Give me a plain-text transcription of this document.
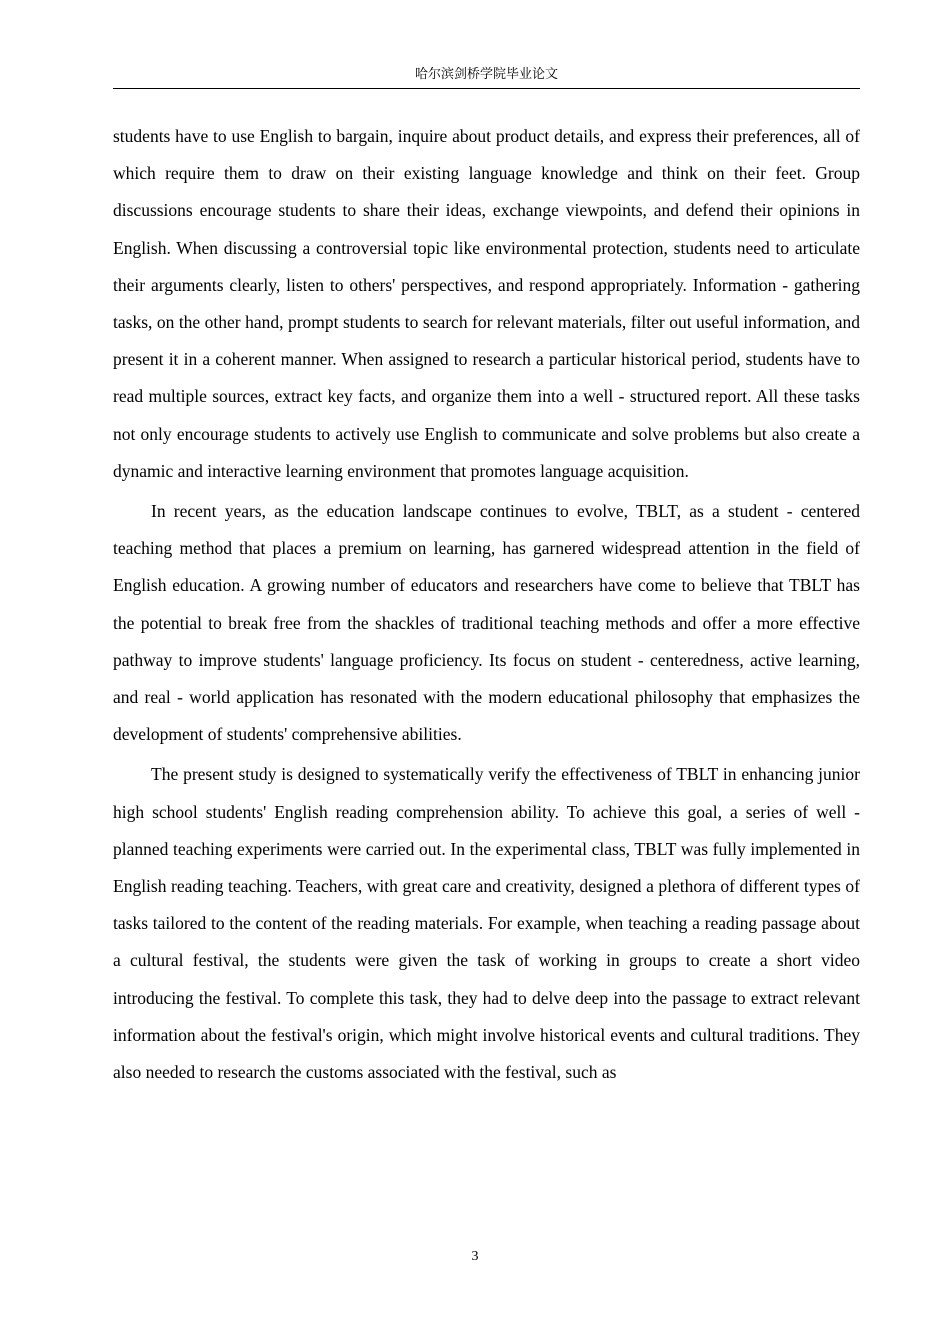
哈尔滨剑桥学院毕业论文

students have to use English to bargain, inquire about product details, and express their preferences, all of which require them to draw on their existing language knowledge and think on their feet. Group discussions encourage students to share their ideas, exchange viewpoints, and defend their opinions in English. When discussing a controversial topic like environmental protection, students need to articulate their arguments clearly, listen to others' perspectives, and respond appropriately. Information - gathering tasks, on the other hand, prompt students to search for relevant materials, filter out useful information, and present it in a coherent manner. When assigned to research a particular historical period, students have to read multiple sources, extract key facts, and organize them into a well - structured report. All these tasks not only encourage students to actively use English to communicate and solve problems but also create a dynamic and interactive learning environment that promotes language acquisition.

In recent years, as the education landscape continues to evolve, TBLT, as a student - centered teaching method that places a premium on learning, has garnered widespread attention in the field of English education. A growing number of educators and researchers have come to believe that TBLT has the potential to break free from the shackles of traditional teaching methods and offer a more effective pathway to improve students' language proficiency. Its focus on student - centeredness, active learning, and real - world application has resonated with the modern educational philosophy that emphasizes the development of students' comprehensive abilities.

The present study is designed to systematically verify the effectiveness of TBLT in enhancing junior high school students' English reading comprehension ability. To achieve this goal, a series of well - planned teaching experiments were carried out. In the experimental class, TBLT was fully implemented in English reading teaching. Teachers, with great care and creativity, designed a plethora of different types of tasks tailored to the content of the reading materials. For example, when teaching a reading passage about a cultural festival, the students were given the task of working in groups to create a short video introducing the festival. To complete this task, they had to delve deep into the passage to extract relevant information about the festival's origin, which might involve historical events and cultural traditions. They also needed to research the customs associated with the festival, such as

3
